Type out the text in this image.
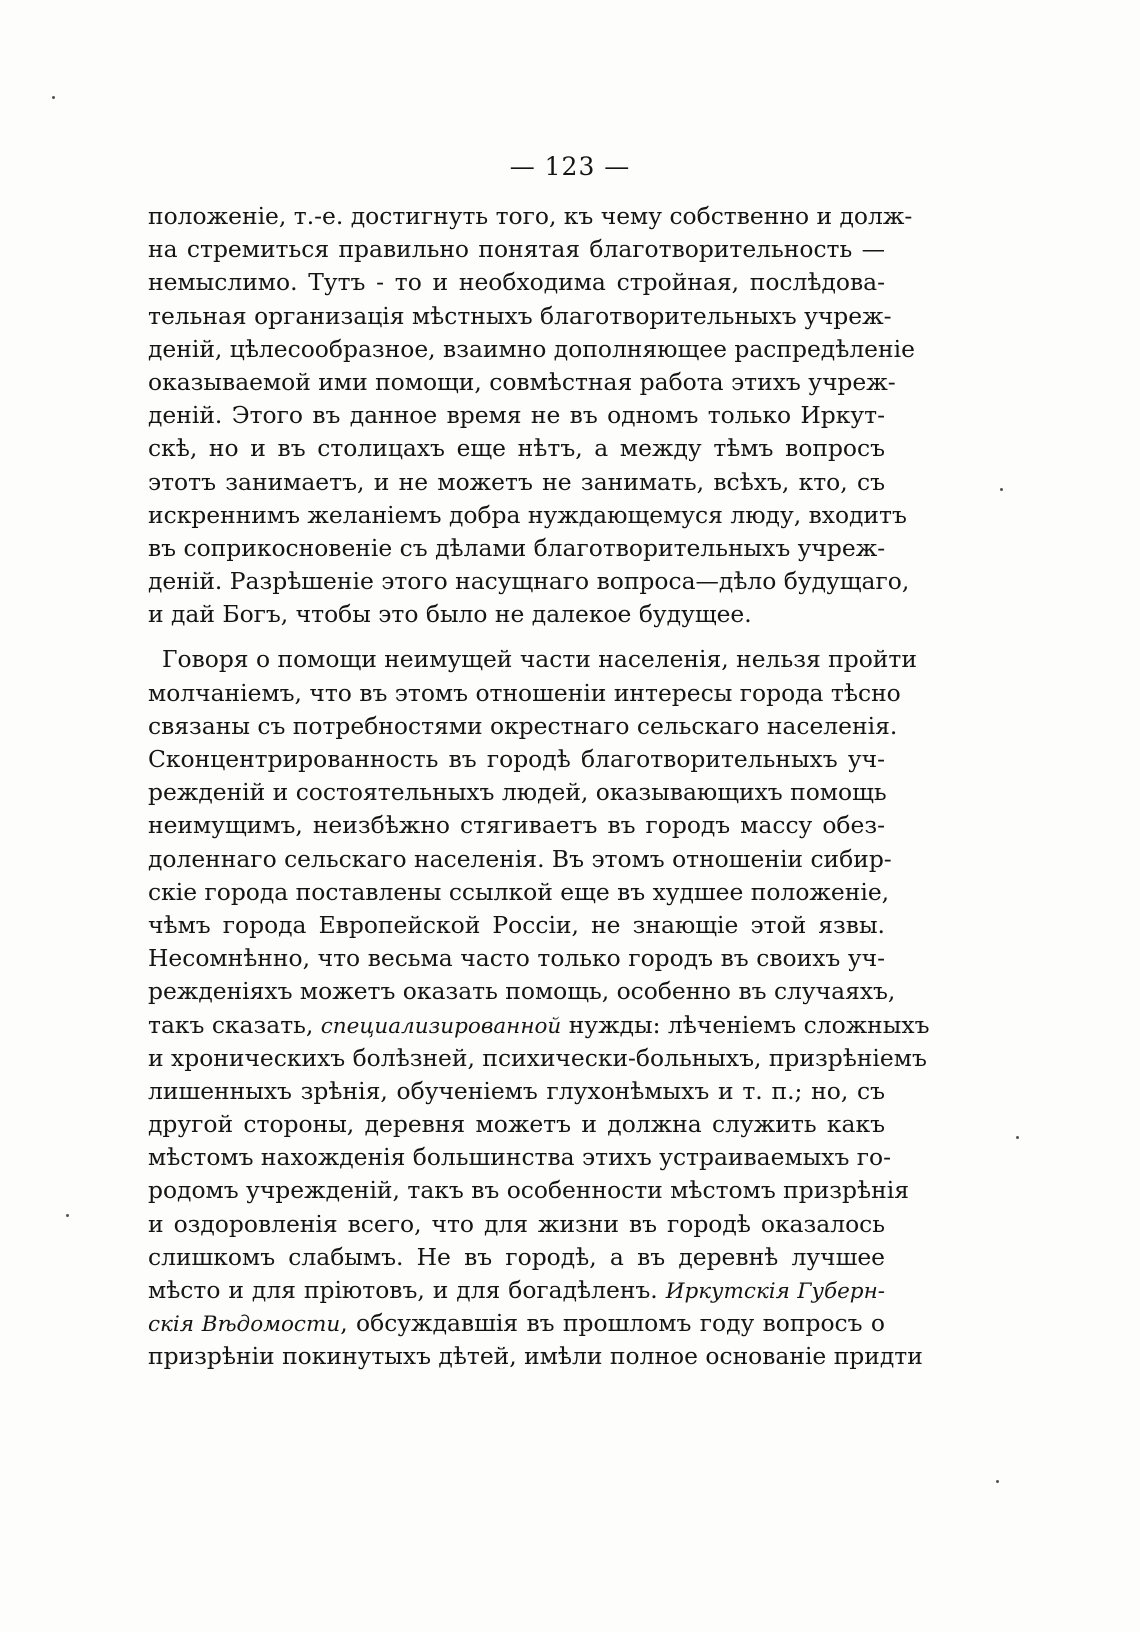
— 123 —
положеніе, т.-е. достигнуть того, къ чему собственно и долж-
на стремиться правильно понятая благотворительность —
немыслимо. Тутъ - то и необходима стройная, послѣдова-
тельная организація мѣстныхъ благотворительныхъ учреж-
деній, цѣлесообразное, взаимно дополняющее распредѣленіе
оказываемой ими помощи, совмѣстная работа этихъ учреж-
деній. Этого въ данное время не въ одномъ только Иркут-
скѣ, но и въ столицахъ еще нѣтъ, а между тѣмъ вопросъ
этотъ занимаетъ, и не можетъ не занимать, всѣхъ, кто, съ
искреннимъ желаніемъ добра нуждающемуся люду, входитъ
въ соприкосновеніе съ дѣлами благотворительныхъ учреж-
деній. Разрѣшеніе этого насущнаго вопроса—дѣло будущаго,
и дай Богъ, чтобы это было не далекое будущее.
Говоря о помощи неимущей части населенія, нельзя пройти
молчаніемъ, что въ этомъ отношеніи интересы города тѣсно
связаны съ потребностями окрестнаго сельскаго населенія.
Сконцентрированность въ городѣ благотворительныхъ уч-
режденій и состоятельныхъ людей, оказывающихъ помощь
неимущимъ, неизбѣжно стягиваетъ въ городъ массу обез-
доленнаго сельскаго населенія. Въ этомъ отношеніи сибир-
скіе города поставлены ссылкой еще въ худшее положеніе,
чѣмъ города Европейской Россіи, не знающіе этой язвы.
Несомнѣнно, что весьма часто только городъ въ своихъ уч-
режденіяхъ можетъ оказать помощь, особенно въ случаяхъ,
такъ сказать, специализированной нужды: лѣченіемъ сложныхъ
и хроническихъ болѣзней, психически-больныхъ, призрѣніемъ
лишенныхъ зрѣнія, обученіемъ глухонѣмыхъ и т. п.; но, съ
другой стороны, деревня можетъ и должна служить какъ
мѣстомъ нахожденія большинства этихъ устраиваемыхъ го-
родомъ учрежденій, такъ въ особенности мѣстомъ призрѣнія
и оздоровленія всего, что для жизни въ городѣ оказалось
слишкомъ слабымъ. Не въ городѣ, а въ деревнѣ лучшее
мѣсто и для пріютовъ, и для богадѣленъ. Иркутскія Губерн-
скія Вѣдомости, обсуждавшія въ прошломъ году вопросъ о
призрѣніи покинутыхъ дѣтей, имѣли полное основаніе придти
